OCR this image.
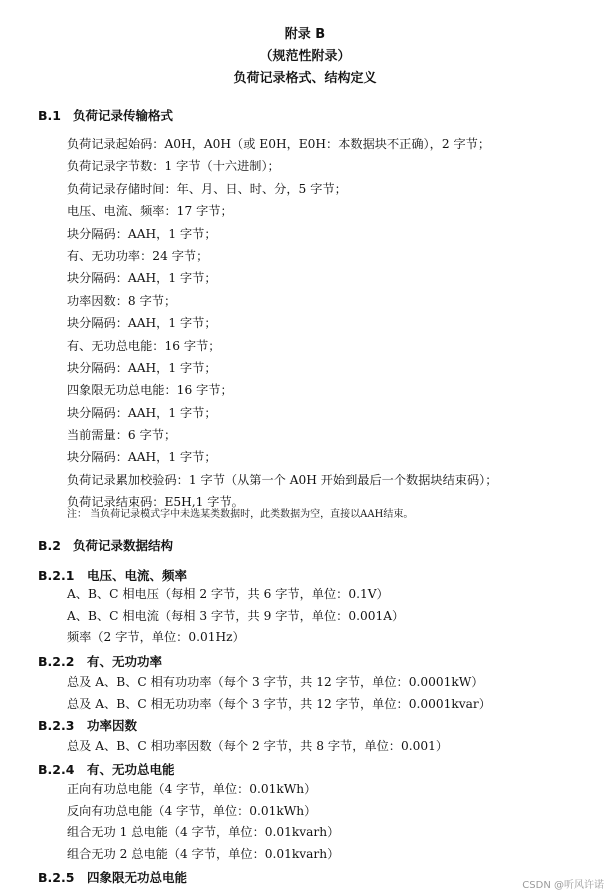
附录 B
（规范性附录）
负荷记录格式、结构定义
B.1 负荷记录传输格式
负荷记录起始码：A0H，A0H（或 E0H，E0H：本数据块不正确），2 字节；
负荷记录字节数：1 字节（十六进制）；
负荷记录存储时间：年、月、日、时、分，5 字节；
电压、电流、频率：17 字节；
块分隔码：AAH，1 字节；
有、无功功率：24 字节；
块分隔码：AAH，1 字节；
功率因数：8 字节；
块分隔码：AAH，1 字节；
有、无功总电能：16 字节；
块分隔码：AAH，1 字节；
四象限无功总电能：16 字节；
块分隔码：AAH，1 字节；
当前需量：6 字节；
块分隔码：AAH，1 字节；
负荷记录累加校验码：1 字节（从第一个 A0H 开始到最后一个数据块结束码）；
负荷记录结束码：E5H,1 字节。
注： 当负荷记录模式字中未选某类数据时，此类数据为空，直接以AAH结束。
B.2 负荷记录数据结构
B.2.1 电压、电流、频率
A、B、C 相电压（每相 2 字节，共 6 字节，单位：0.1V）
A、B、C 相电流（每相 3 字节，共 9 字节，单位：0.001A）
频率（2 字节，单位：0.01Hz）
B.2.2 有、无功功率
总及 A、B、C 相有功功率（每个 3 字节，共 12 字节，单位：0.0001kW）
总及 A、B、C 相无功功率（每个 3 字节，共 12 字节，单位：0.0001kvar）
B.2.3 功率因数
总及 A、B、C 相功率因数（每个 2 字节，共 8 字节，单位：0.001）
B.2.4 有、无功总电能
正向有功总电能（4 字节，单位：0.01kWh）
反向有功总电能（4 字节，单位：0.01kWh）
组合无功 1 总电能（4 字节，单位：0.01kvarh）
组合无功 2 总电能（4 字节，单位：0.01kvarh）
B.2.5 四象限无功总电能
CSDN @听风许诺
